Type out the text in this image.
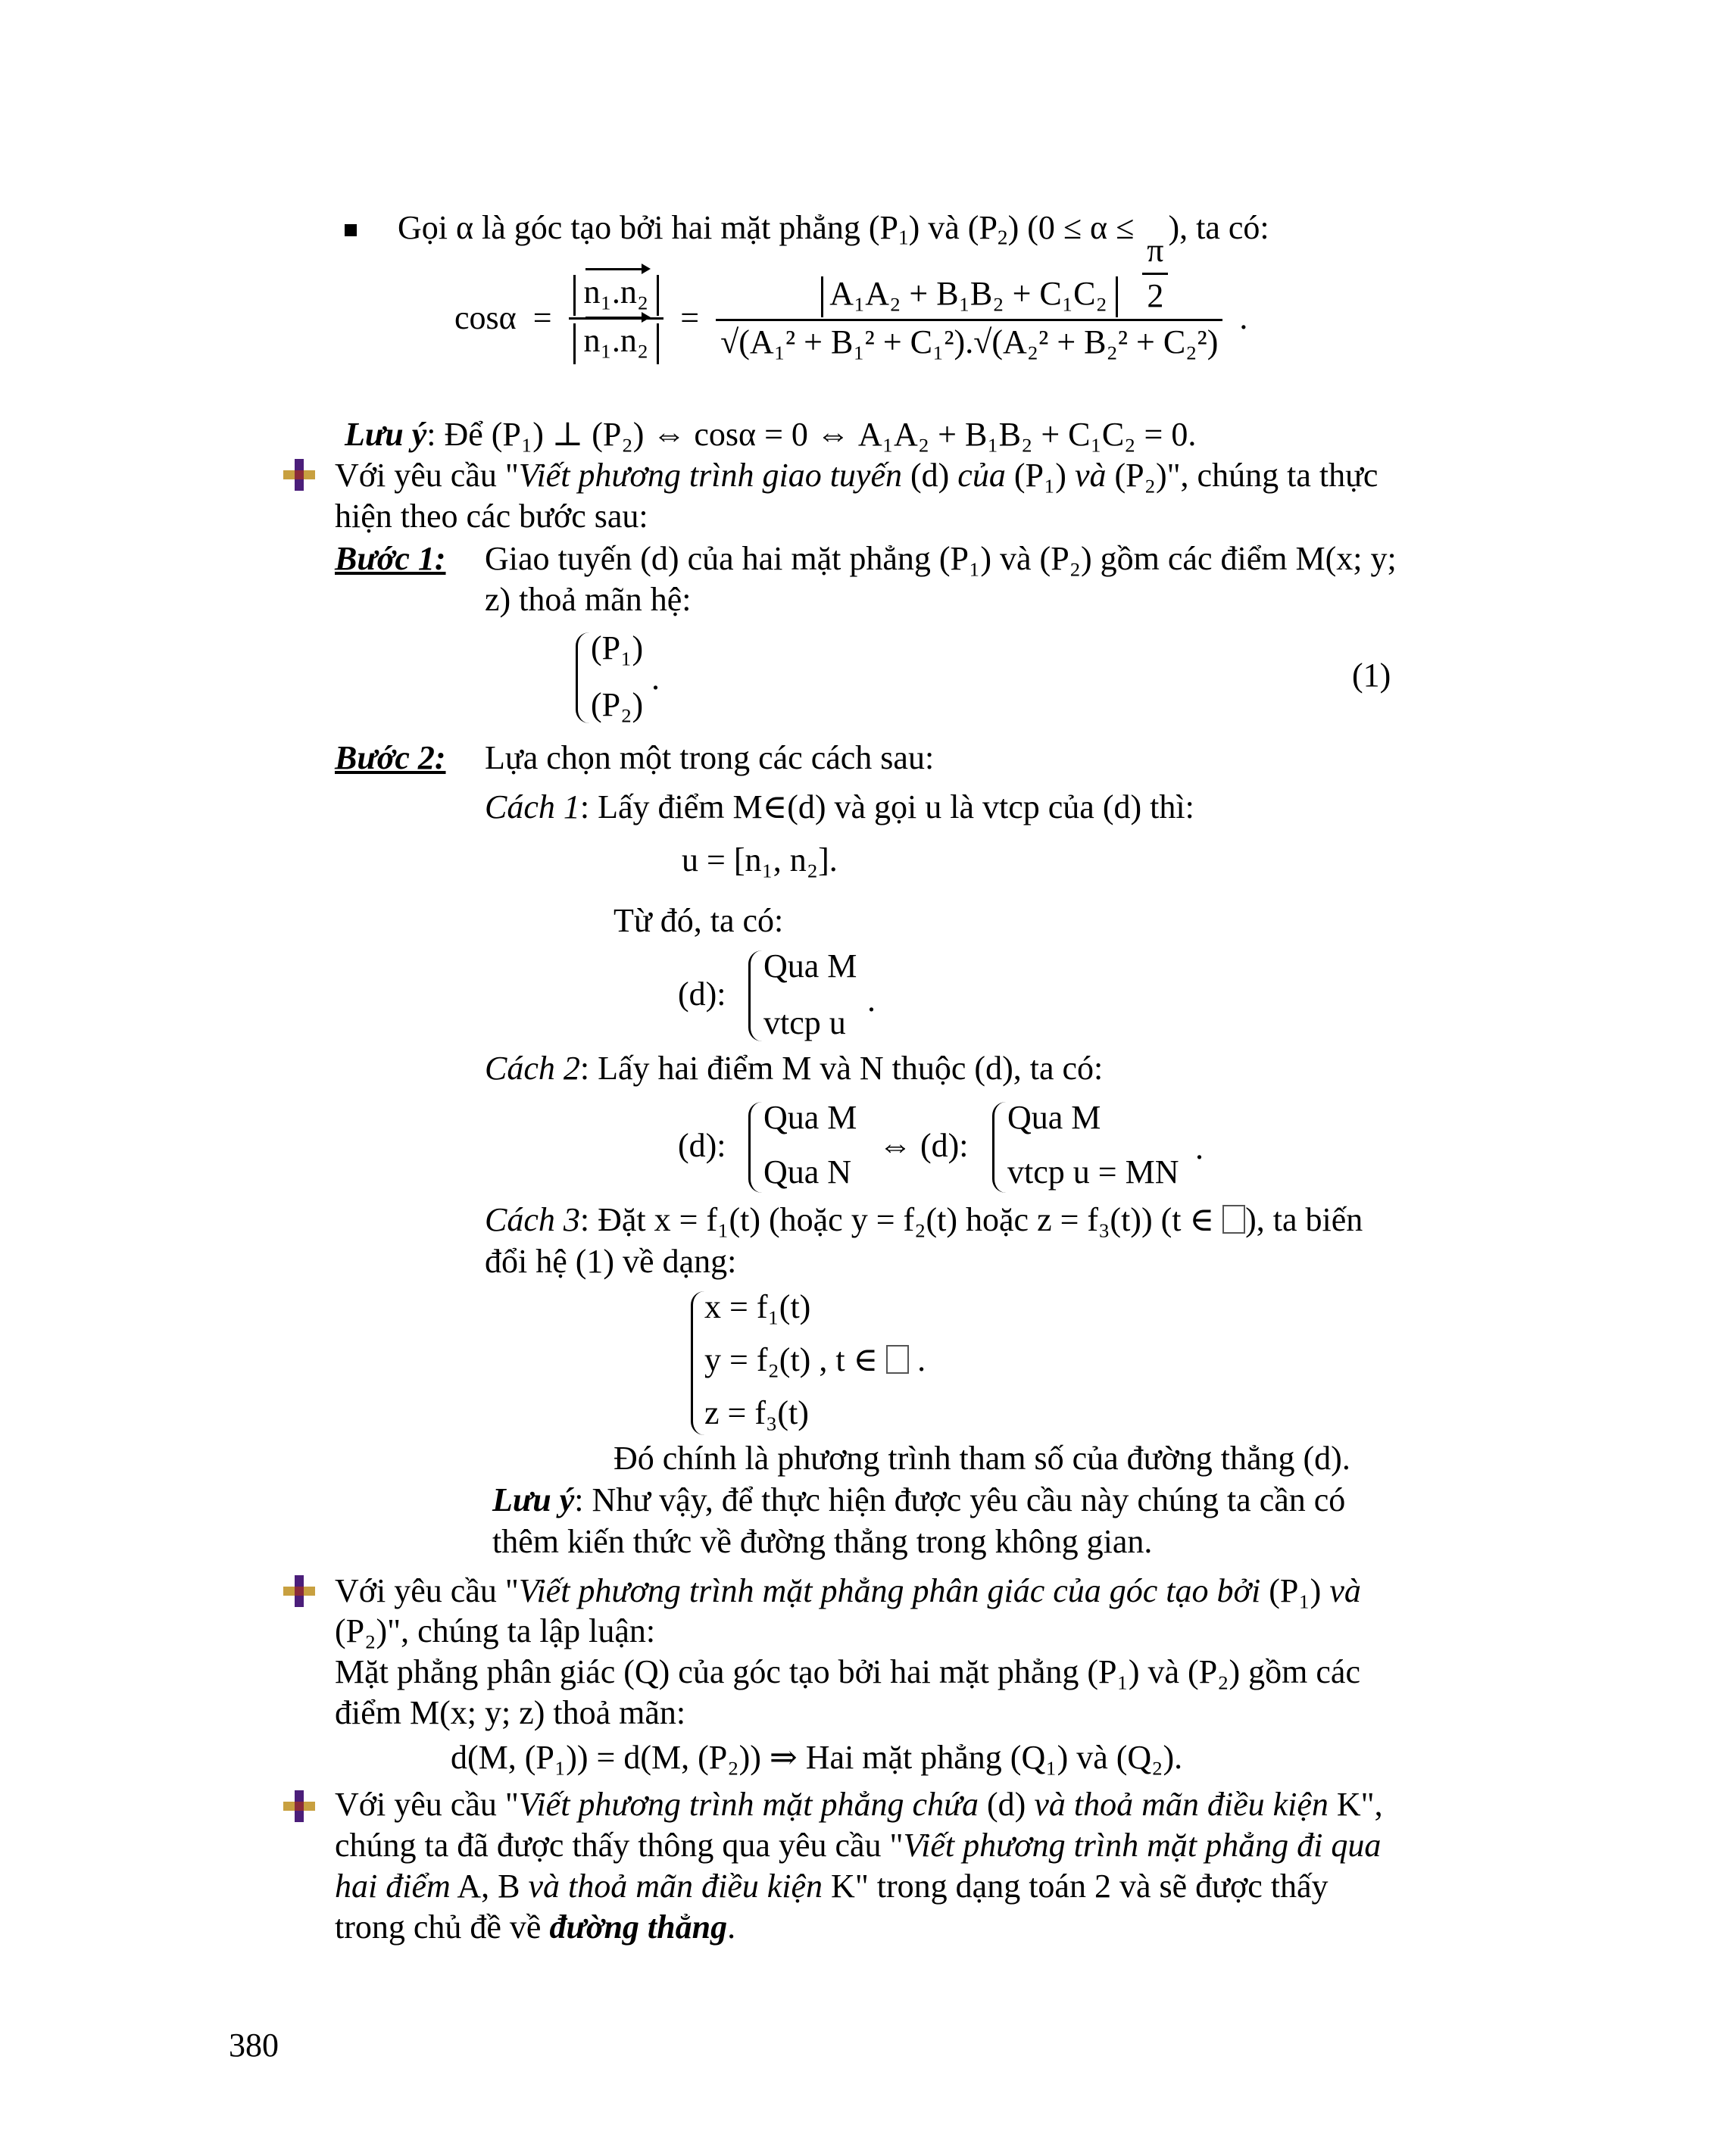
Gọi α là góc tạo bởi hai mặt phẳng $(P_1)$ và $(P_2) (0 \le \alpha$ ≤
$\frac{\pi}{2}$
), ta có:
$\cos\alpha = \frac{\text{n₁.n₂}}{\text{n₁.n₂}} = \frac{\text{A₁A₂ + B₁B₂ + C₁C₂}}{\text{√(A₁² + B₁² + C₁²).√(A₂² + B₂² + C₂²)}}$ .
Lưu ý: Để (P₁) ⊥ (P₂) ⇔ cosα = 0 ⇔ A₁A₂ + B₁B₂ + C₁C₂ = 0.
Với yêu cầu "Viết phương trình giao tuyến (d) của (P₁) và (P₂)", chúng ta thực
hiện theo các bước sau:
Bước 1: Giao tuyến (d) của hai mặt phẳng (P₁) và (P₂) gồm các điểm M(x; y;
z) thoả mãn hệ:
(P₁)
(P₂)
.	(1)
Bước 2: Lựa chọn một trong các cách sau:
Cách 1: Lấy điểm M∈(d) và gọi u là vtcp của (d) thì:
u = [n₁, n₂].
Từ đó, ta có:
(d):
Qua M
vtcp u
.
Cách 2: Lấy hai điểm M và N thuộc (d), ta có:
(d):
Qua M
Qua N
⇔ (d):
Qua M
vtcp u = MN
.
Cách 3: Đặt x = f₁(t) (hoặc y = f₂(t) hoặc z = f₃(t)) (t ∈ ), ta biến
đổi hệ (1) về dạng:
x = f₁(t)
y = f₂(t) , t ∈  .
z = f₃(t)
Đó chính là phương trình tham số của đường thẳng (d).
Lưu ý: Như vậy, để thực hiện được yêu cầu này chúng ta cần có
thêm kiến thức về đường thẳng trong không gian.
Với yêu cầu "Viết phương trình mặt phẳng phân giác của góc tạo bởi (P₁) và
(P₂)", chúng ta lập luận:
Mặt phẳng phân giác (Q) của góc tạo bởi hai mặt phẳng (P₁) và (P₂) gồm các
điểm M(x; y; z) thoả mãn:
d(M, (P₁)) = d(M, (P₂)) ⇒ Hai mặt phẳng (Q₁) và (Q₂).
Với yêu cầu "Viết phương trình mặt phẳng chứa (d) và thoả mãn điều kiện K",
chúng ta đã được thấy thông qua yêu cầu "Viết phương trình mặt phẳng đi qua
hai điểm A, B và thoả mãn điều kiện K" trong dạng toán 2 và sẽ được thấy
trong chủ đề về đường thẳng.
380
